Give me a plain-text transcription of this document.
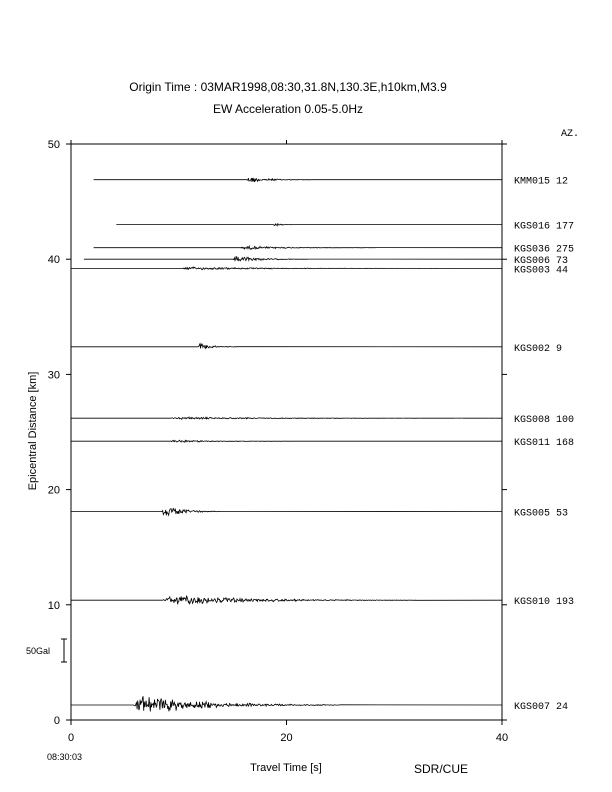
Origin Time : 03MAR1998,08:30,31.8N,130.3E,h10km,M3.9
EW Acceleration 0.05-5.0Hz
0
10
20
30
40
50
0	20	40
KMM015 12
KGS016 177
KGS036 275
KGS006 73
KGS003 44
KGS002 9
KGS008 100
KGS011 168
KGS005 53
KGS010 193
KGS007 24
AZ.
Travel Time [s]
Epicentral Distance [km]
08:30:03
SDR/CUE
50Gal
